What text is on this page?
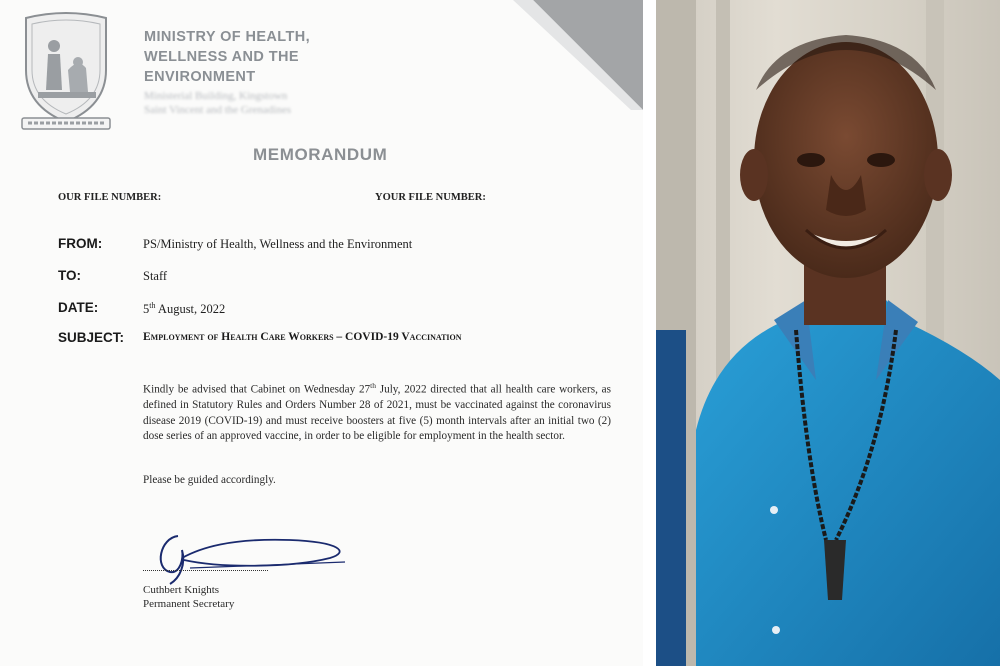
MINISTRY OF HEALTH,
WELLNESS AND THE
ENVIRONMENT
Ministerial Building, Kingstown
Saint Vincent and the Grenadines
MEMORANDUM
OUR FILE NUMBER:	YOUR FILE NUMBER:
FROM:	PS/Ministry of Health, Wellness and the Environment
TO:	Staff
DATE:	5th August, 2022
SUBJECT: Employment of Health Care Workers – COVID-19 Vaccination
Kindly be advised that Cabinet on Wednesday 27th July, 2022 directed that all health care workers, as defined in Statutory Rules and Orders Number 28 of 2021, must be vaccinated against the coronavirus disease 2019 (COVID-19) and must receive boosters at five (5) month intervals after an initial two (2) dose series of an approved vaccine, in order to be eligible for employment in the health sector.
Please be guided accordingly.
Cuthbert Knights
Permanent Secretary
